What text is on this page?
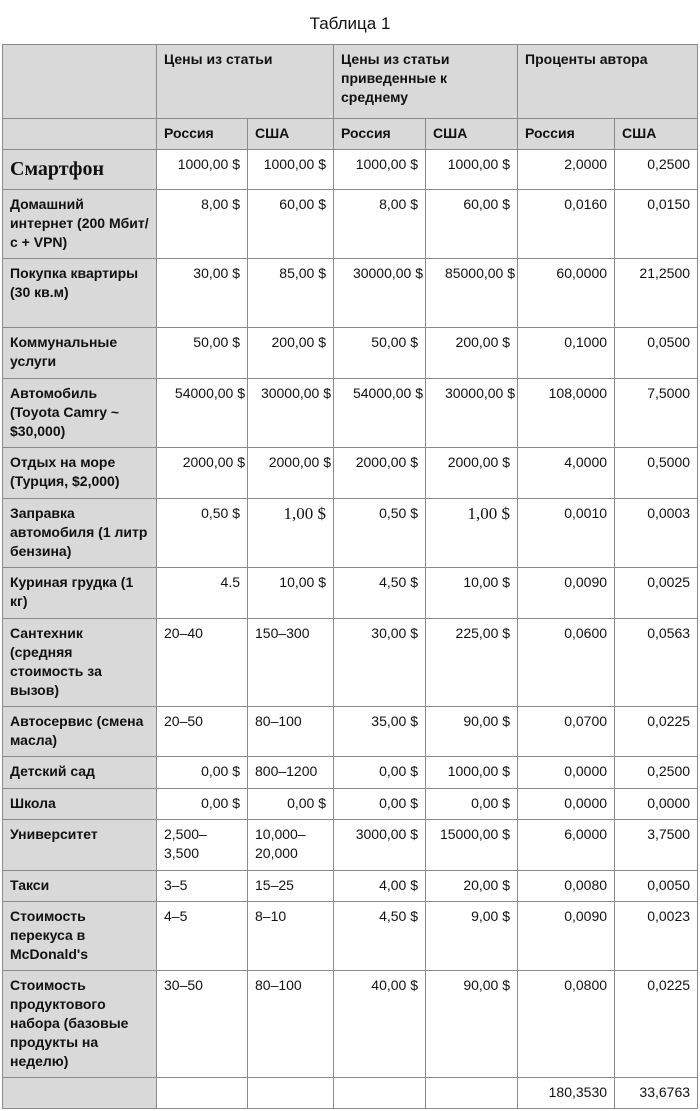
Таблица 1
	Цены из статьи		Цены из статьи приведенные к среднему		Проценты автора	
	Россия	США	Россия	США	Россия	США
Смартфон	1000,00 $	1000,00 $	1000,00 $	1000,00 $	2,0000	0,2500
Домашний интернет (200 Мбит/с + VPN)	8,00 $	60,00 $	8,00 $	60,00 $	0,0160	0,0150
Покупка квартиры (30 кв.м)	30,00 $	85,00 $	30000,00 $	85000,00 $	60,0000	21,2500
Коммунальные услуги	50,00 $	200,00 $	50,00 $	200,00 $	0,1000	0,0500
Автомобиль (Toyota Camry ~ $30,000)	54000,00 $	30000,00 $	54000,00 $	30000,00 $	108,0000	7,5000
Отдых на море (Турция, $2,000)	2000,00 $	2000,00 $	2000,00 $	2000,00 $	4,0000	0,5000
Заправка автомобиля (1 литр бензина)	0,50 $	1,00 $	0,50 $	1,00 $	0,0010	0,0003
Куриная грудка (1 кг)	4.5	10,00 $	4,50 $	10,00 $	0,0090	0,0025
Сантехник (средняя стоимость за вызов)	20–40	150–300	30,00 $	225,00 $	0,0600	0,0563
Автосервис (смена масла)	20–50	80–100	35,00 $	90,00 $	0,0700	0,0225
Детский сад	0,00 $	800–1200	0,00 $	1000,00 $	0,0000	0,2500
Школа	0,00 $	0,00 $	0,00 $	0,00 $	0,0000	0,0000
Университет	2,500–3,500	10,000–20,000	3000,00 $	15000,00 $	6,0000	3,7500
Такси	3–5	15–25	4,00 $	20,00 $	0,0080	0,0050
Стоимость перекуса в McDonald's	4–5	8–10	4,50 $	9,00 $	0,0090	0,0023
Стоимость продуктового набора (базовые продукты на неделю)	30–50	80–100	40,00 $	90,00 $	0,0800	0,0225
					180,3530	33,6763
